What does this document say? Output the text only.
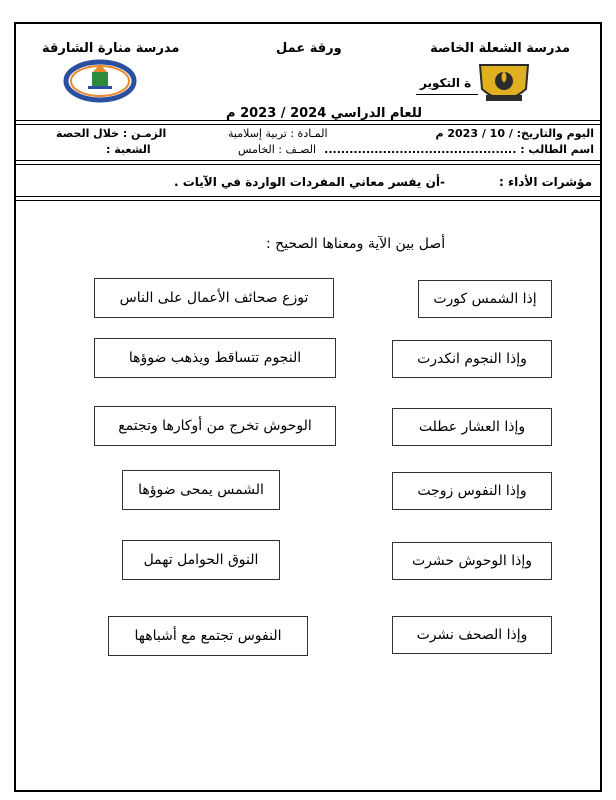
مدرسة الشعلة الخاصة
ورقة عمل
مدرسة منارة الشارقة
ة التكوير
للعام الدراسي 2024 / 2023 م
اليوم والتاريخ: / 10 / 2023 م
اسم الطالب : ..............................................
المـادة : تربية إسلامية
الصـف : الخامس
الزمـن : خلال الحصة
الشعبة :
مؤشرات الأداء :
-أن يفسر معاني المفردات الواردة في الآيات .
أصل بين الآية ومعناها الصحيح :
إذا الشمس كورت
وإذا النجوم انكدرت
وإذا العشار عطلت
وإذا النفوس زوجت
وإذا الوحوش حشرت
وإذا الصحف نشرت
توزع صحائف الأعمال على الناس
النجوم تتساقط ويذهب ضوؤها
الوحوش تخرج من أوكارها وتجتمع
الشمس يمحى ضوؤها
النوق الحوامل تهمل
النفوس تجتمع مع أشباهها
